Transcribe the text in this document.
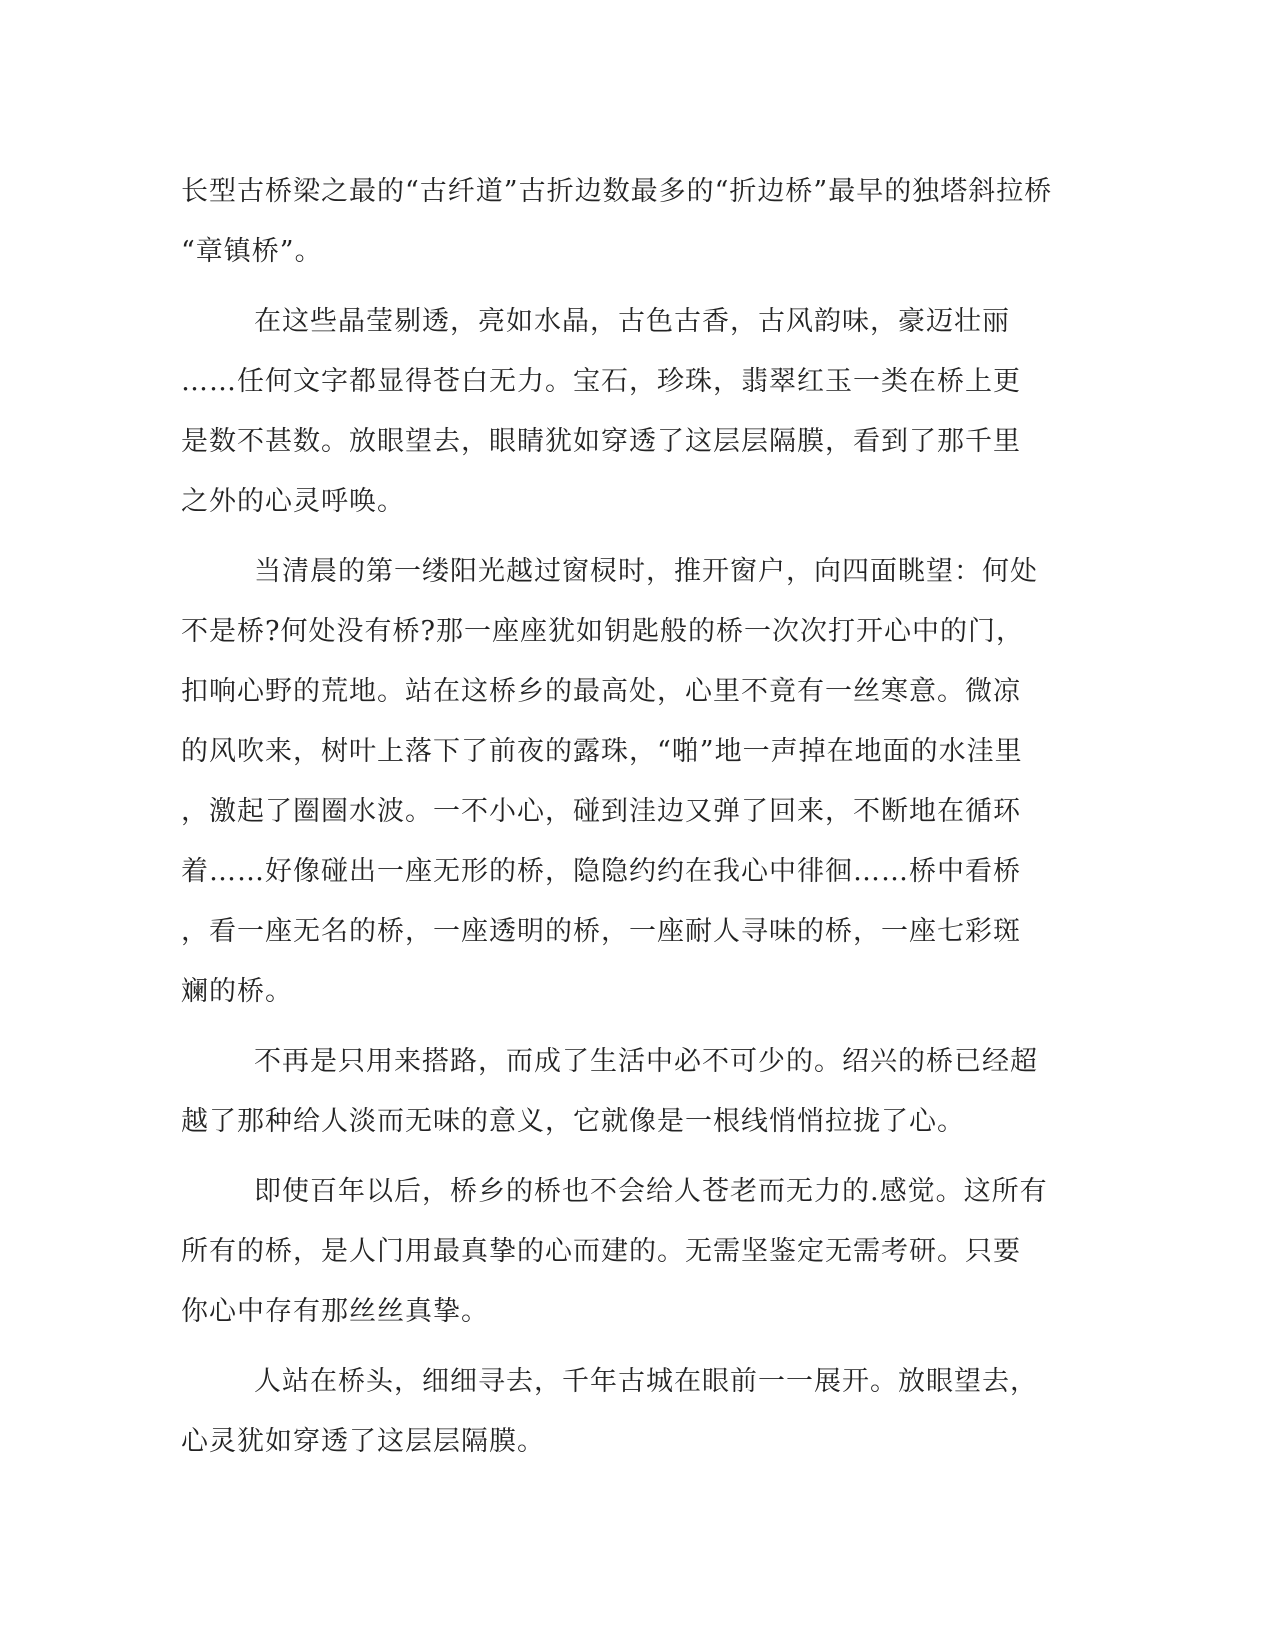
长型古桥梁之最的“古纤道”古折边数最多的“折边桥”最早的独塔斜拉桥
“章镇桥”。

在这些晶莹剔透，亮如水晶，古色古香，古风韵味，豪迈壮丽
……任何文字都显得苍白无力。宝石，珍珠，翡翠红玉一类在桥上更
是数不甚数。放眼望去，眼睛犹如穿透了这层层隔膜，看到了那千里
之外的心灵呼唤。

当清晨的第一缕阳光越过窗棂时，推开窗户，向四面眺望：何处
不是桥?何处没有桥?那一座座犹如钥匙般的桥一次次打开心中的门，
扣响心野的荒地。站在这桥乡的最高处，心里不竟有一丝寒意。微凉
的风吹来，树叶上落下了前夜的露珠，“啪”地一声掉在地面的水洼里
，激起了圈圈水波。一不小心，碰到洼边又弹了回来，不断地在循环
着……好像碰出一座无形的桥，隐隐约约在我心中徘徊……桥中看桥
，看一座无名的桥，一座透明的桥，一座耐人寻味的桥，一座七彩斑
斓的桥。

不再是只用来搭路，而成了生活中必不可少的。绍兴的桥已经超
越了那种给人淡而无味的意义，它就像是一根线悄悄拉拢了心。

即使百年以后，桥乡的桥也不会给人苍老而无力的.感觉。这所有
所有的桥，是人门用最真挚的心而建的。无需坚鉴定无需考研。只要
你心中存有那丝丝真挚。

人站在桥头，细细寻去，千年古城在眼前一一展开。放眼望去，
心灵犹如穿透了这层层隔膜。
